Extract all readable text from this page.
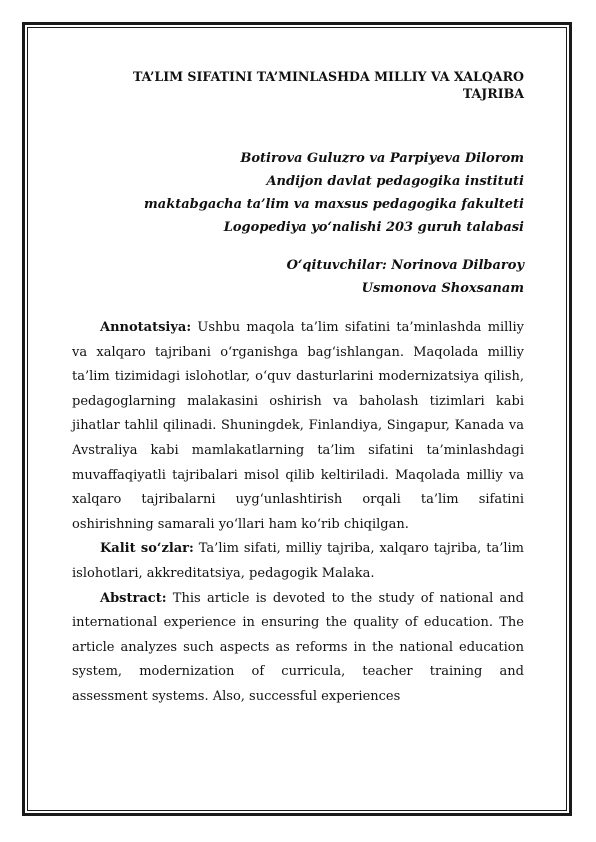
TA’LIM SIFATINI TA’MINLASHDA MILLIY VA XALQARO
TAJRIBA
Botirova Guluzro va Parpiyeva Dilorom
Andijon davlat pedagogika instituti
maktabgacha ta’lim va maxsus pedagogika fakulteti
Logopediya yo‘nalishi 203 guruh talabasi
O‘qituvchilar: Norinova Dilbaroy
Usmonova Shoxsanam

Annotatsiya: Ushbu maqola ta’lim sifatini ta’minlashda milliy va xalqaro tajribani o‘rganishga bag‘ishlangan. Maqolada milliy ta’lim tizimidagi islohotlar, o‘quv dasturlarini modernizatsiya qilish, pedagoglarning malakasini oshirish va baholash tizimlari kabi jihatlar tahlil qilinadi. Shuningdek, Finlandiya, Singapur, Kanada va Avstraliya kabi mamlakatlarning ta’lim sifatini ta’minlashdagi muvaffaqiyatli tajribalari misol qilib keltiriladi. Maqolada milliy va xalqaro tajribalarni uyg‘unlashtirish orqali ta’lim sifatini oshirishning samarali yo‘llari ham ko‘rib chiqilgan.

Kalit so‘zlar: Ta’lim sifati, milliy tajriba, xalqaro tajriba, ta’lim islohotlari, akkreditatsiya, pedagogik Malaka.

Abstract: This article is devoted to the study of national and international experience in ensuring the quality of education. The article analyzes such aspects as reforms in the national education system, modernization of curricula, teacher training and assessment systems. Also, successful experiences
